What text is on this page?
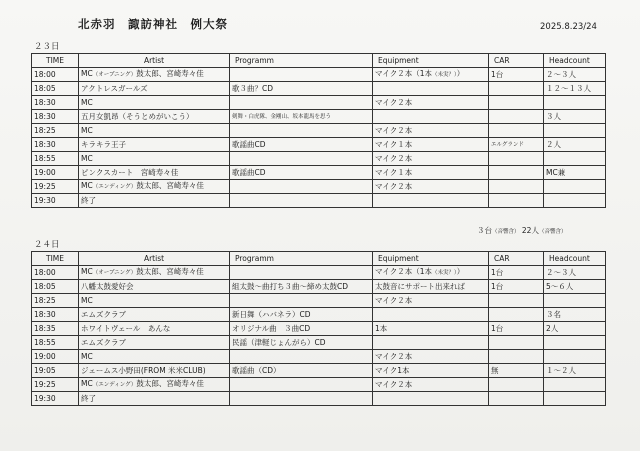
北赤羽　諏訪神社　例大祭	2025.8.23/24
２３日
TIME	Artist	Programm	Equipment	CAR	Headcount
18:00	MC（オープニング）鼓太郎、宮崎寿々佳		マイク２本（1本（未実？））	1台	２～３人
18:05	アクトレスガールズ	歌３曲？CD			１２～１３人
18:30	MC		マイク２本		
18:30	五月女凱昂（そうとめがいこう）	剣舞・白虎隊、金剛山、坂本龍馬を思う			３人
18:25	MC		マイク２本		
18:30	キラキラ王子	歌謡曲CD	マイク１本	エルグランド	２人
18:55	MC		マイク２本		
19:00	ピンクスカート　宮崎寿々佳	歌謡曲CD	マイク１本		MC兼
19:25	MC（エンディング）鼓太郎、宮崎寿々佳		マイク２本		
19:30	終了				
３台（音響含） 22人（音響含）
２４日
TIME	Artist	Programm	Equipment	CAR	Headcount
18:00	MC（オープニング）鼓太郎、宮崎寿々佳		マイク２本（1本（未実？））	1台	２～３人
18:05	八幡太鼓愛好会	組太鼓～曲打ち３曲～締め太鼓CD	太鼓音にサポート出来れば	1台	5～６人
18:25	MC		マイク２本		
18:30	エムズクラブ	新日舞（ハバネラ）CD			３名
18:35	ホワイトヴェール　あんな	オリジナル曲　３曲CD	1本	1台	2人
18:55	エムズクラブ	民謡（津軽じょんがら）CD			
19:00	MC		マイク２本		
19:05	ジェームス小野田(FROM 米米CLUB)	歌謡曲（CD）	マイク1本	無	１～２人
19:25	MC（エンディング）鼓太郎、宮崎寿々佳		マイク２本		
19:30	終了				
